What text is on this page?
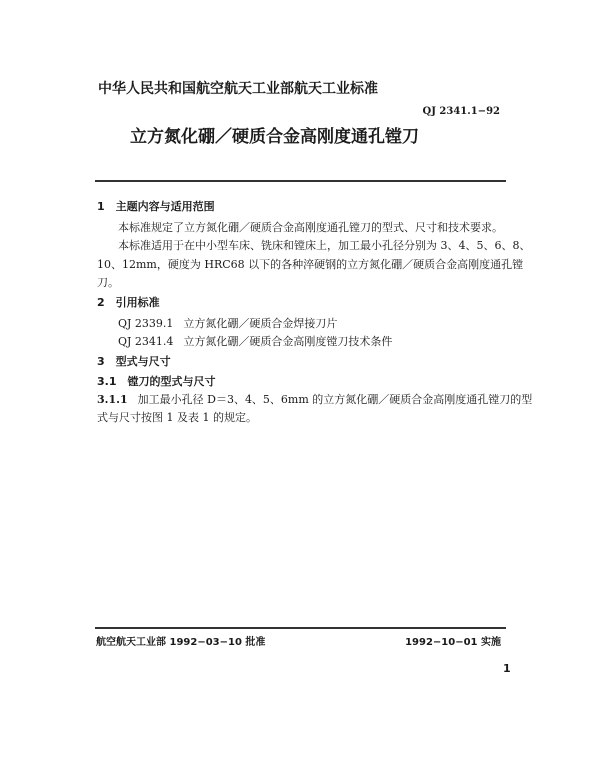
中华人民共和国航空航天工业部航天工业标准
QJ 2341.1−92
立方氮化硼／硬质合金高刚度通孔镗刀
1　主题内容与适用范围
本标准规定了立方氮化硼／硬质合金高刚度通孔镗刀的型式、尺寸和技术要求。
本标准适用于在中小型车床、铣床和镗床上，加工最小孔径分别为 3、4、5、6、8、
10、12mm，硬度为 HRC68 以下的各种淬硬钢的立方氮化硼／硬质合金高刚度通孔镗
刀。
2　引用标准
QJ 2339.1 立方氮化硼／硬质合金焊接刀片
QJ 2341.4 立方氮化硼／硬质合金高刚度镗刀技术条件
3　型式与尺寸
3.1　镗刀的型式与尺寸
3.1.1 加工最小孔径 D＝3、4、5、6mm 的立方氮化硼／硬质合金高刚度通孔镗刀的型
式与尺寸按图 1 及表 1 的规定。
航空航天工业部 1992−03−10 批准	1992−10−01 实施
1
